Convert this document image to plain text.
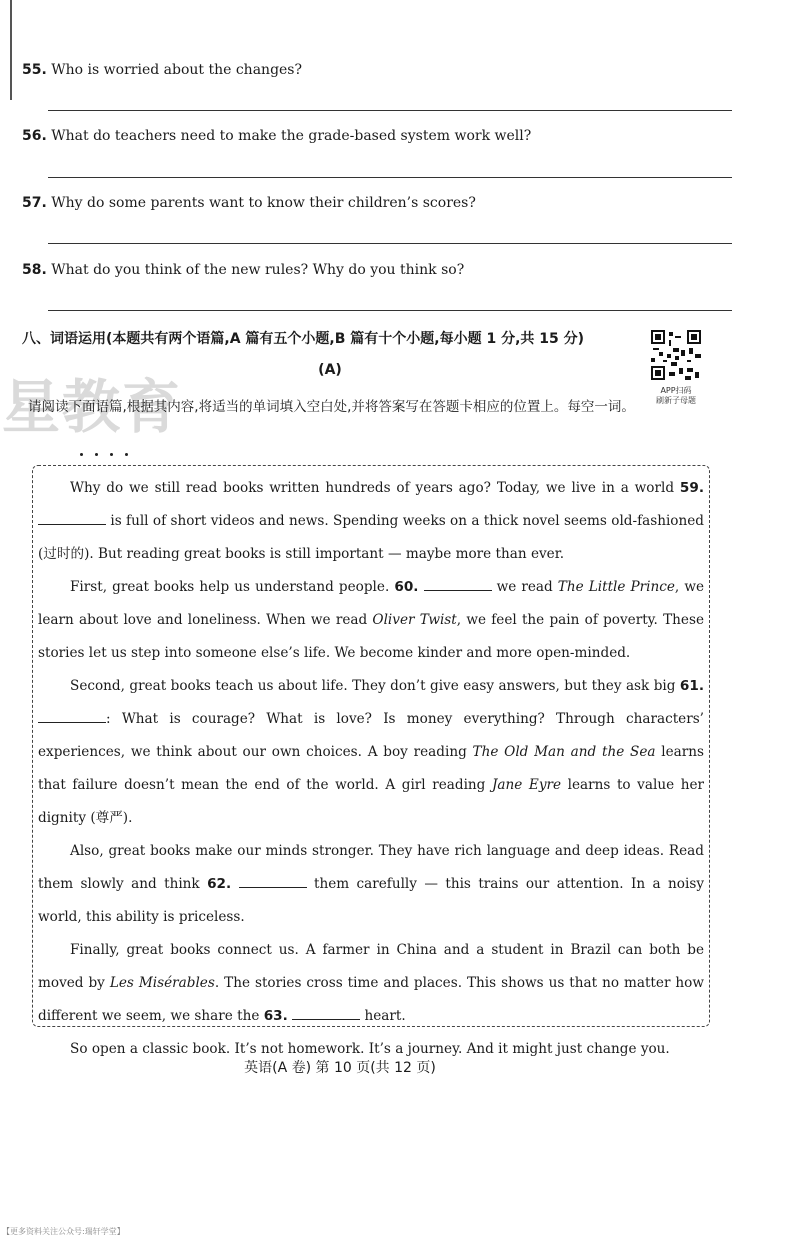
55. Who is worried about the changes?
56. What do teachers need to make the grade-based system work well?
57. Why do some parents want to know their children’s scores?
58. What do you think of the new rules? Why do you think so?
八、词语运用(本题共有两个语篇,A 篇有五个小题,B 篇有十个小题,每小题 1 分,共 15 分)
APP扫码
刷新子母题
(A)
星教育
请阅读下面语篇,根据其内容,将适当的单词填入空白处,并将答案写在答题卡相应的位置上。每空一词。

Why do we still read books written hundreds of years ago? Today, we live in a world 59.  is full of short videos and news. Spending weeks on a thick novel seems old-fashioned (过时的). But reading great books is still important — maybe more than ever.

First, great books help us understand people. 60.	we read The Little Prince, we learn about love and loneliness. When we read Oliver Twist, we feel the pain of poverty. These stories let us step into someone else’s life. We become kinder and more open-minded.

Second, great books teach us about life. They don’t give easy answers, but they ask big 61. : What is courage? What is love? Is money everything? Through characters’ experiences, we think about our own choices. A boy reading The Old Man and the Sea learns that failure doesn’t mean the end of the world. A girl reading Jane Eyre learns to value her dignity (尊严).

Also, great books make our minds stronger. They have rich language and deep ideas. Read them slowly and think 62.	them carefully — this trains our attention. In a noisy world, this ability is priceless.

Finally, great books connect us. A farmer in China and a student in Brazil can both be moved by Les Misérables. The stories cross time and places. This shows us that no matter how different we seem, we share the 63.	heart.

So open a classic book. It’s not homework. It’s a journey. And it might just change you.

英语(A 卷) 第 10 页(共 12 页)
【更多资料关注公众号:瑞轩学堂】
